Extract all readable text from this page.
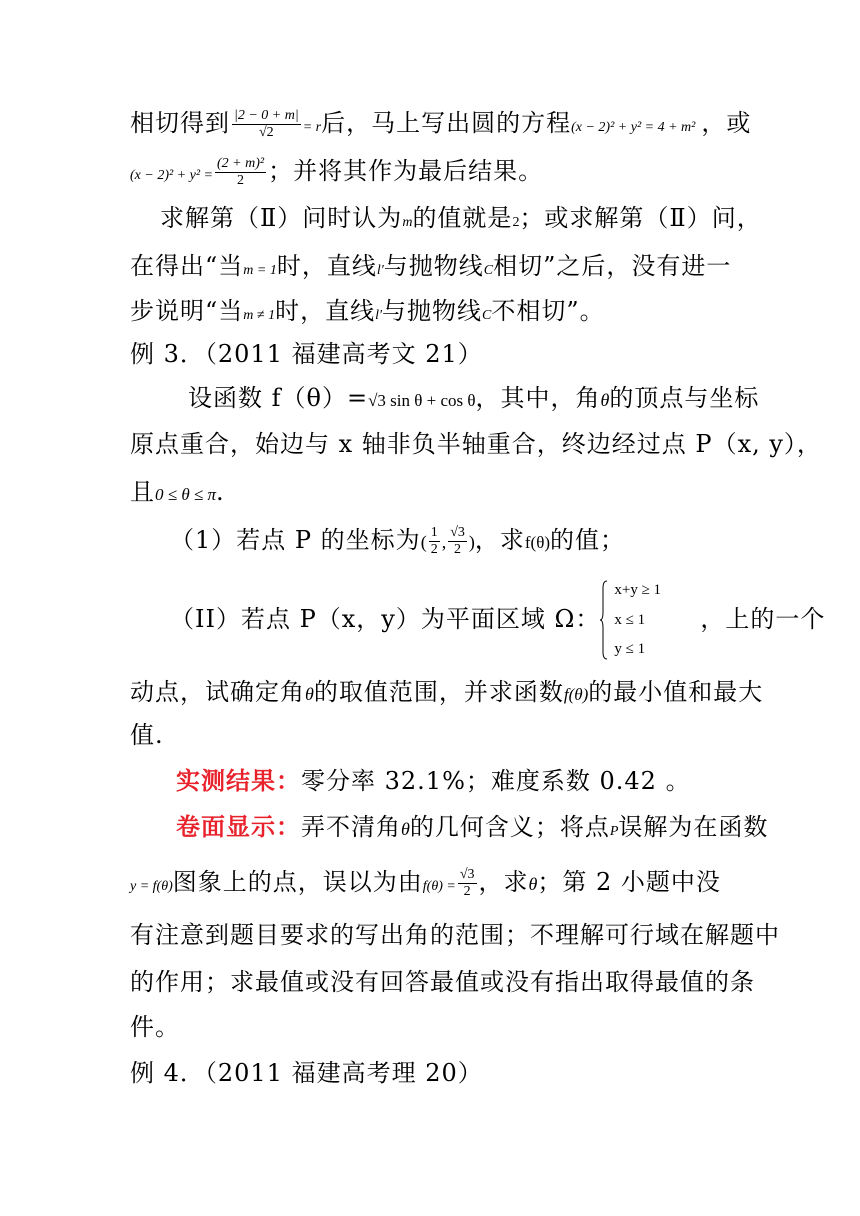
相切得到 $\frac{|2 - 0 + m|}{√2} = r$后，马上写出圆的方程(x − 2)² + y² = 4 + m² ，或
$(x - 2)^2 + y^2 = \frac{\text{(2 + m)²}}{2}$ ；并将其作为最后结果。
求解第（Ⅱ）问时认为m的值就是2；或求解第（Ⅱ）问，
在得出“当m = 1时，直线l′与抛物线C相切”之后，没有进一
步说明“当m ≠ 1时，直线l′与抛物线C不相切”。
例 3．（2011 福建高考文 21）
设函数 f（θ）=√3 sin θ + cos θ，其中，角θ的顶点与坐标
原点重合，始边与 x 轴非负半轴重合，终边经过点 P（x, y），
且0 ≤ θ ≤ π.
（1）若点 P 的坐标为( $\frac{1}{2}$ , $\frac{√3}{2}$ )，求f(θ)的值；
（II）若点 P（x，y）为平面区域 Ω：
x+y ≥ 1
x ≤ 1
y ≤ 1
，上的一个
动点，试确定角θ的取值范围，并求函数f(θ)的最小值和最大
值.
实测结果：零分率 32.1%；难度系数 0.42 。
卷面显示：弄不清角θ的几何含义；将点P误解为在函数
y = f(θ)图象上的点，误以为由$f(\theta) = \frac{√3}{2}$ ，求θ；第 2 小题中没
有注意到题目要求的写出角的范围；不理解可行域在解题中
的作用；求最值或没有回答最值或没有指出取得最值的条
件。
例 4．（2011 福建高考理 20）
